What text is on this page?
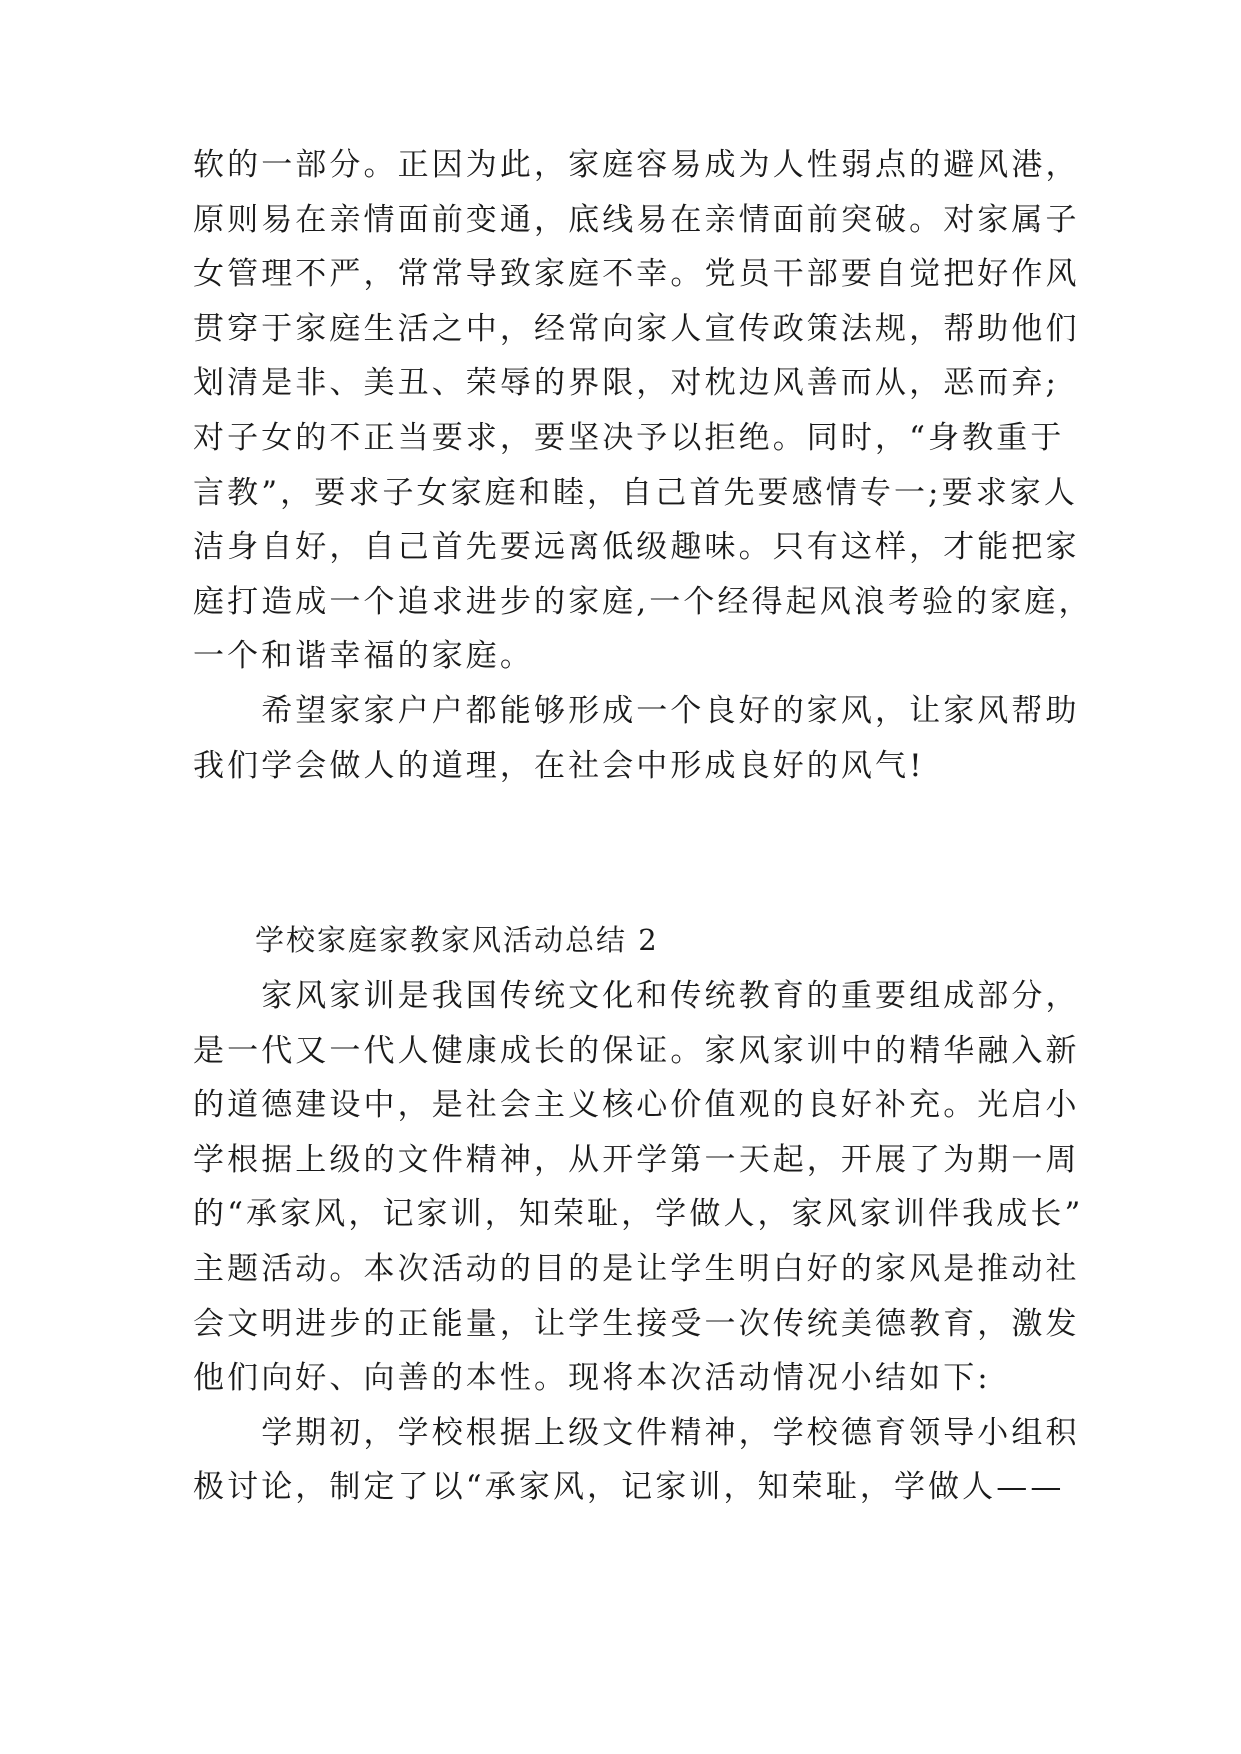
软的一部分。正因为此，家庭容易成为人性弱点的避风港，
原则易在亲情面前变通，底线易在亲情面前突破。对家属子
女管理不严，常常导致家庭不幸。党员干部要自觉把好作风
贯穿于家庭生活之中，经常向家人宣传政策法规，帮助他们
划清是非、美丑、荣辱的界限，对枕边风善而从，恶而弃;
对子女的不正当要求，要坚决予以拒绝。同时，“身教重于
言教”，要求子女家庭和睦，自己首先要感情专一;要求家人
洁身自好，自己首先要远离低级趣味。只有这样，才能把家
庭打造成一个追求进步的家庭,一个经得起风浪考验的家庭，
一个和谐幸福的家庭。
　　希望家家户户都能够形成一个良好的家风，让家风帮助
我们学会做人的道理，在社会中形成良好的风气!
　　学校家庭家教家风活动总结 2
　　家风家训是我国传统文化和传统教育的重要组成部分，
是一代又一代人健康成长的保证。家风家训中的精华融入新
的道德建设中，是社会主义核心价值观的良好补充。光启小
学根据上级的文件精神，从开学第一天起，开展了为期一周
的“承家风，记家训，知荣耻，学做人，家风家训伴我成长”
主题活动。本次活动的目的是让学生明白好的家风是推动社
会文明进步的正能量，让学生接受一次传统美德教育，激发
他们向好、向善的本性。现将本次活动情况小结如下:
　　学期初，学校根据上级文件精神，学校德育领导小组积
极讨论，制定了以“承家风，记家训，知荣耻，学做人——
